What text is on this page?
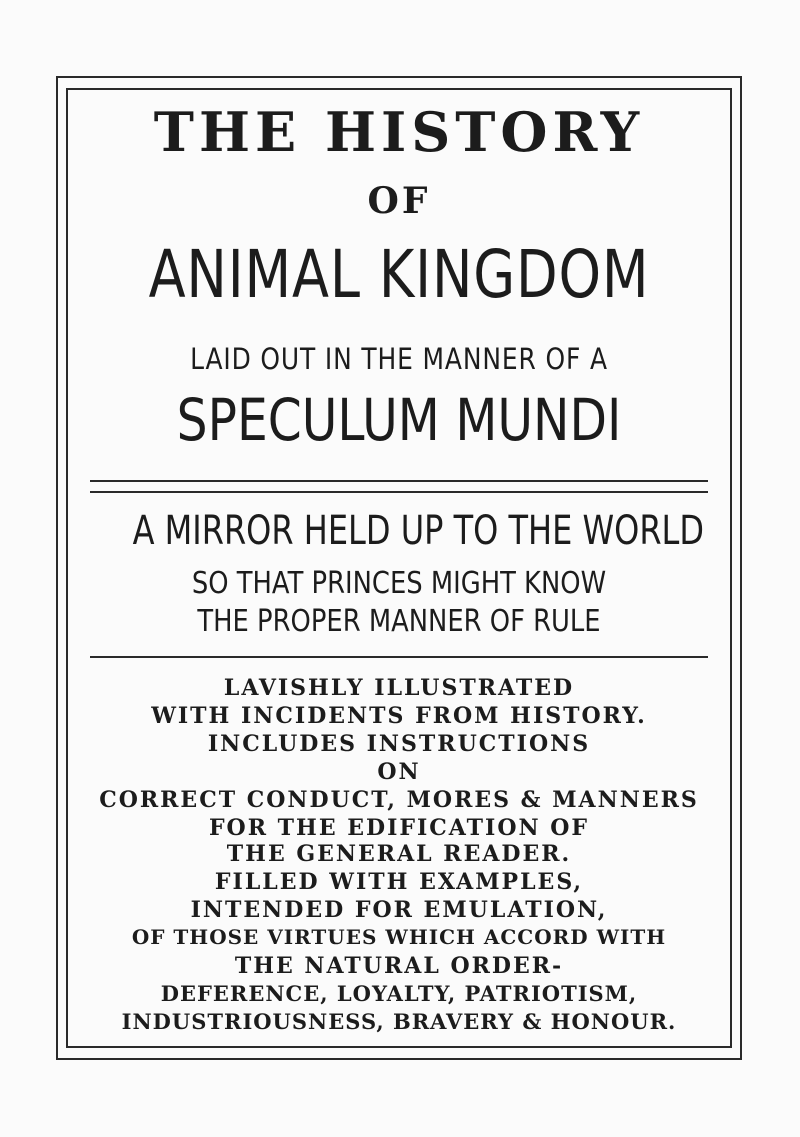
THE HISTORY
OF
ANIMAL KINGDOM
LAID OUT IN THE MANNER OF A
SPECULUM MUNDI
A MIRROR HELD UP TO THE WORLD
SO THAT PRINCES MIGHT KNOW
THE PROPER MANNER OF RULE
LAVISHLY ILLUSTRATED
WITH INCIDENTS FROM HISTORY.
INCLUDES INSTRUCTIONS
ON
CORRECT CONDUCT, MORES & MANNERS
FOR THE EDIFICATION OF
THE GENERAL READER.
FILLED WITH EXAMPLES,
INTENDED FOR EMULATION,
OF THOSE VIRTUES WHICH ACCORD WITH
THE NATURAL ORDER-
DEFERENCE, LOYALTY, PATRIOTISM,
INDUSTRIOUSNESS, BRAVERY & HONOUR.
